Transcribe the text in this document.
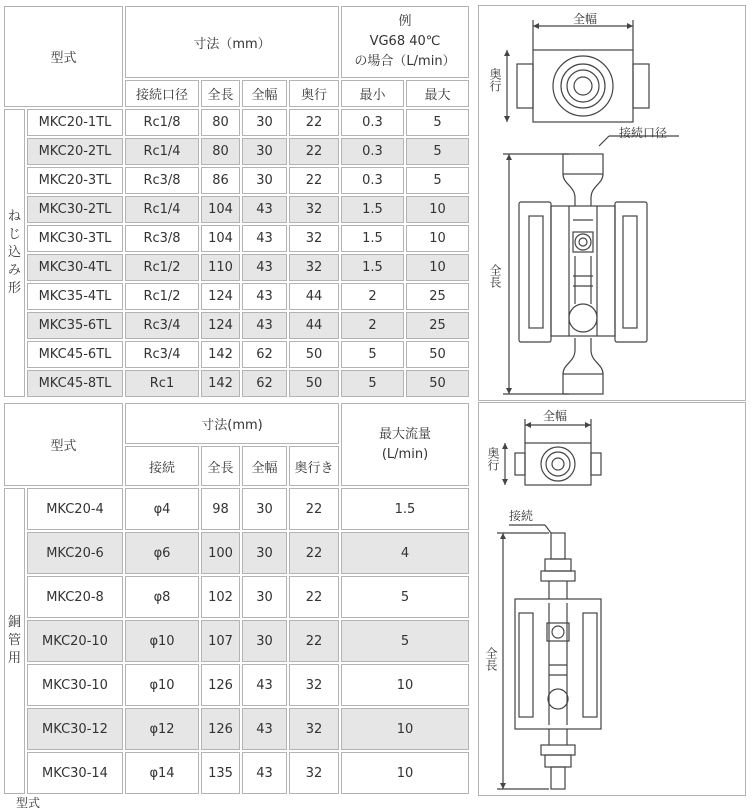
型式		寸法（mm）				例
VG68 40℃
の場合（L/min）	

		接続口径	全長	全幅	奥行	最小	最大

ね
じ
込
み
形	MKC20-1TL	Rc1/8	80	30	22	0.3	5
	MKC20-2TL	Rc1/4	80	30	22	0.3	5
	MKC20-3TL	Rc3/8	86	30	22	0.3	5
	MKC30-2TL	Rc1/4	104	43	32	1.5	10
	MKC30-3TL	Rc3/8	104	43	32	1.5	10
	MKC30-4TL	Rc1/2	110	43	32	1.5	10
	MKC35-4TL	Rc1/2	124	43	44	2	25
	MKC35-6TL	Rc3/4	124	43	44	2	25
	MKC45-6TL	Rc3/4	142	62	50	5	50
	MKC45-8TL	Rc1	142	62	50	5	50
型式		寸法(mm)				最大流量
(L/min)

		接続	全長	全幅	奥行き	

銅
管
用	MKC20-4	φ4	98	30	22	1.5
	MKC20-6	φ6	100	30	22	4
	MKC20-8	φ8	102	30	22	5
	MKC20-10	φ10	107	30	22	5
	MKC30-10	φ10	126	43	32	10
	MKC30-12	φ12	126	43	32	10
	MKC30-14	φ14	135	43	32	10
全幅
奥行
接続口径
全長
全幅
奥行
接続
全長
型式
